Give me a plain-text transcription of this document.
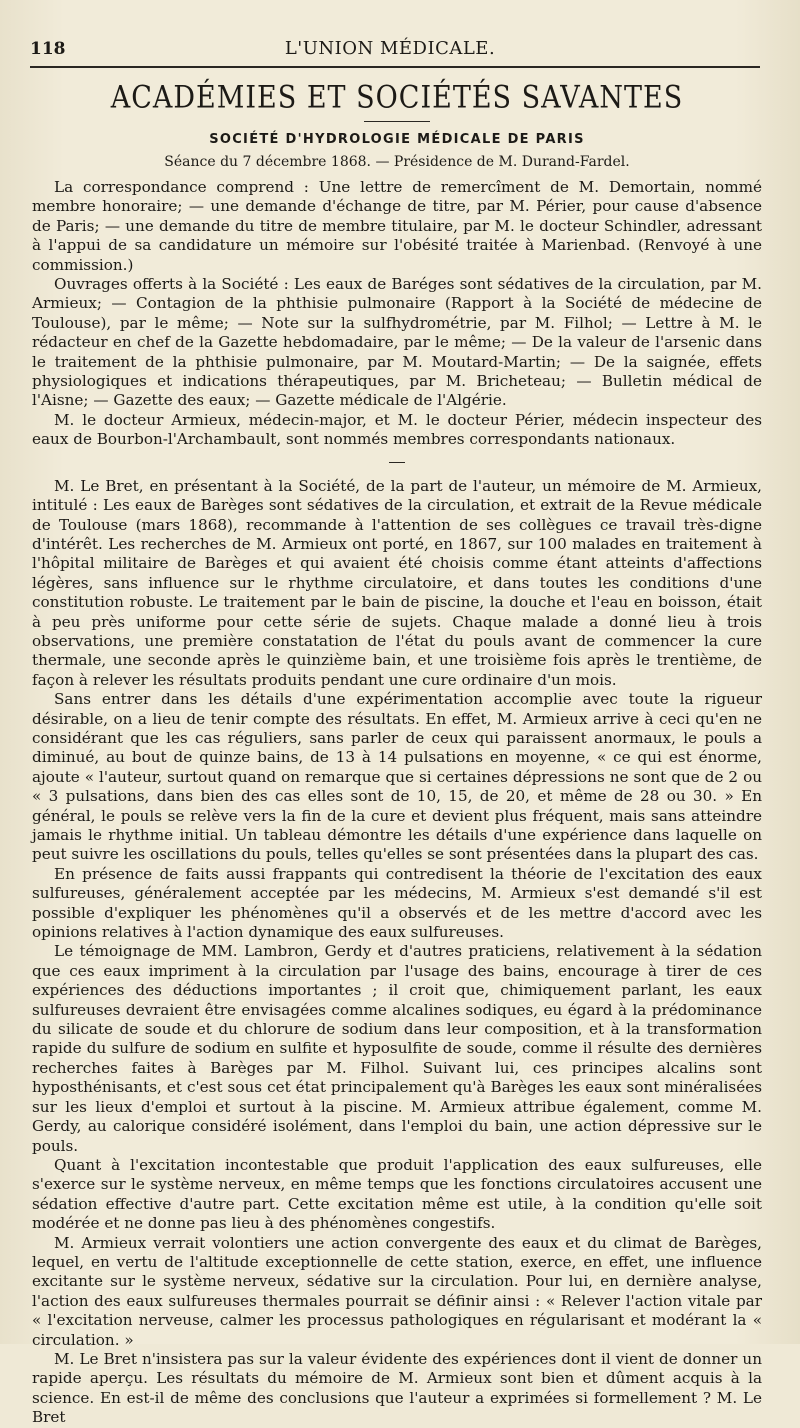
118	L'UNION MÉDICALE.
ACADÉMIES ET SOCIÉTÉS SAVANTES
SOCIÉTÉ D'HYDROLOGIE MÉDICALE DE PARIS
Séance du 7 décembre 1868. — Présidence de M. Durand-Fardel.

La correspondance comprend : Une lettre de remercîment de M. Demortain, nommé membre honoraire; — une demande d'échange de titre, par M. Périer, pour cause d'absence de Paris; — une demande du titre de membre titulaire, par M. le docteur Schindler, adressant à l'appui de sa candidature un mémoire sur l'obésité traitée à Marienbad. (Renvoyé à une commission.)

Ouvrages offerts à la Société : Les eaux de Baréges sont sédatives de la circulation, par M. Armieux; — Contagion de la phthisie pulmonaire (Rapport à la Société de médecine de Toulouse), par le même; — Note sur la sulfhydrométrie, par M. Filhol; — Lettre à M. le rédacteur en chef de la Gazette hebdomadaire, par le même; — De la valeur de l'arsenic dans le traitement de la phthisie pulmonaire, par M. Moutard-Martin; — De la saignée, effets physiologiques et indications thérapeutiques, par M. Bricheteau; — Bulletin médical de l'Aisne; — Gazette des eaux; — Gazette médicale de l'Algérie.

M. le docteur Armieux, médecin-major, et M. le docteur Périer, médecin inspecteur des eaux de Bourbon-l'Archambault, sont nommés membres correspondants nationaux.

M. Le Bret, en présentant à la Société, de la part de l'auteur, un mémoire de M. Armieux, intitulé : Les eaux de Barèges sont sédatives de la circulation, et extrait de la Revue médicale de Toulouse (mars 1868), recommande à l'attention de ses collègues ce travail très-digne d'intérêt. Les recherches de M. Armieux ont porté, en 1867, sur 100 malades en traitement à l'hôpital militaire de Barèges et qui avaient été choisis comme étant atteints d'affections légères, sans influence sur le rhythme circulatoire, et dans toutes les conditions d'une constitution robuste. Le traitement par le bain de piscine, la douche et l'eau en boisson, était à peu près uniforme pour cette série de sujets. Chaque malade a donné lieu à trois observations, une première constatation de l'état du pouls avant de commencer la cure thermale, une seconde après le quinzième bain, et une troisième fois après le trentième, de façon à relever les résultats produits pendant une cure ordinaire d'un mois.

Sans entrer dans les détails d'une expérimentation accomplie avec toute la rigueur désirable, on a lieu de tenir compte des résultats. En effet, M. Armieux arrive à ceci qu'en ne considérant que les cas réguliers, sans parler de ceux qui paraissent anormaux, le pouls a diminué, au bout de quinze bains, de 13 à 14 pulsations en moyenne, « ce qui est énorme, ajoute « l'auteur, surtout quand on remarque que si certaines dépressions ne sont que de 2 ou « 3 pulsations, dans bien des cas elles sont de 10, 15, de 20, et même de 28 ou 30. » En général, le pouls se relève vers la fin de la cure et devient plus fréquent, mais sans atteindre jamais le rhythme initial. Un tableau démontre les détails d'une expérience dans laquelle on peut suivre les oscillations du pouls, telles qu'elles se sont présentées dans la plupart des cas.

En présence de faits aussi frappants qui contredisent la théorie de l'excitation des eaux sulfureuses, généralement acceptée par les médecins, M. Armieux s'est demandé s'il est possible d'expliquer les phénomènes qu'il a observés et de les mettre d'accord avec les opinions relatives à l'action dynamique des eaux sulfureuses.

Le témoignage de MM. Lambron, Gerdy et d'autres praticiens, relativement à la sédation que ces eaux impriment à la circulation par l'usage des bains, encourage à tirer de ces expériences des déductions importantes ; il croit que, chimiquement parlant, les eaux sulfureuses devraient être envisagées comme alcalines sodiques, eu égard à la prédominance du silicate de soude et du chlorure de sodium dans leur composition, et à la transformation rapide du sulfure de sodium en sulfite et hyposulfite de soude, comme il résulte des dernières recherches faites à Barèges par M. Filhol. Suivant lui, ces principes alcalins sont hyposthénisants, et c'est sous cet état principalement qu'à Barèges les eaux sont minéralisées sur les lieux d'emploi et surtout à la piscine. M. Armieux attribue également, comme M. Gerdy, au calorique considéré isolément, dans l'emploi du bain, une action dépressive sur le pouls.

Quant à l'excitation incontestable que produit l'application des eaux sulfureuses, elle s'exerce sur le système nerveux, en même temps que les fonctions circulatoires accusent une sédation effective d'autre part. Cette excitation même est utile, à la condition qu'elle soit modérée et ne donne pas lieu à des phénomènes congestifs.

M. Armieux verrait volontiers une action convergente des eaux et du climat de Barèges, lequel, en vertu de l'altitude exceptionnelle de cette station, exerce, en effet, une influence excitante sur le système nerveux, sédative sur la circulation. Pour lui, en dernière analyse, l'action des eaux sulfureuses thermales pourrait se définir ainsi : « Relever l'action vitale par « l'excitation nerveuse, calmer les processus pathologiques en régularisant et modérant la « circulation. »

M. Le Bret n'insistera pas sur la valeur évidente des expériences dont il vient de donner un rapide aperçu. Les résultats du mémoire de M. Armieux sont bien et dûment acquis à la science. En est-il de même des conclusions que l'auteur a exprimées si formellement ? M. Le Bret
